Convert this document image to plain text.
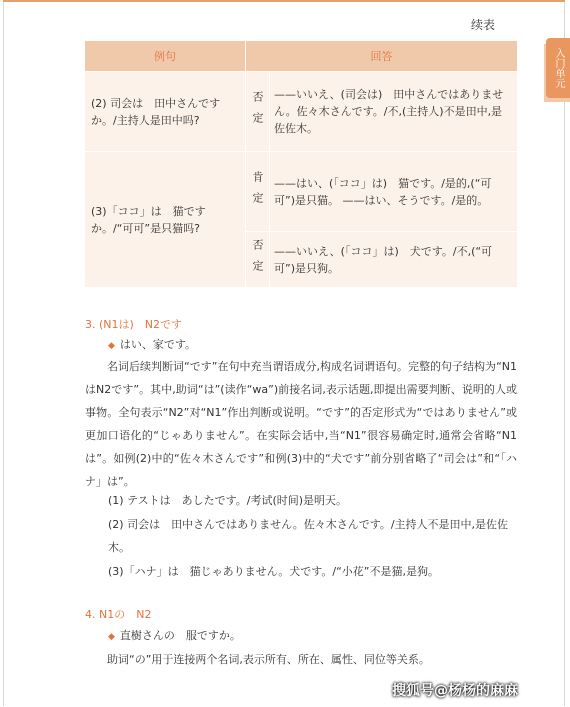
续表
入门单元
例句	回答	
(2) 司会は　田中さんですか。/主持人是田中吗?	否定	——いいえ、(司会は)　田中さんではありません。佐々木さんです。/不,(主持人)不是田中,是佐佐木。
(3)「ココ」は　猫ですか。/“可可”是只猫吗?	肯定	——はい、(「ココ」は)　猫です。/是的,(“可可”)是只猫。 ——はい、そうです。/是的。
	否定	——いいえ、(「ココ」は)　犬です。/不,(“可可”)是只狗。
3. (N1は)　N2です
◆ はい、家です。
名词后续判断词“です”在句中充当谓语成分,构成名词谓语句。完整的句子结构为“N1はN2です”。其中,助词“は”(读作“wa”)前接名词,表示话题,即提出需要判断、说明的人或事物。全句表示“N2”对“N1”作出判断或说明。“です”的否定形式为“ではありません”或更加口语化的“じゃありません”。在实际会话中,当“N1”很容易确定时,通常会省略“N1は”。如例(2)中的“佐々木さんです”和例(3)中的“犬です”前分别省略了“司会は”和“「ハナ」は”。
(1) テストは　あしたです。/考试(时间)是明天。
(2) 司会は　田中さんではありません。佐々木さんです。/主持人不是田中,是佐佐木。
(3)「ハナ」は　猫じゃありません。犬です。/“小花”不是猫,是狗。
4. N1の　N2
◆ 直樹さんの　服ですか。
助词“の”用于连接两个名词,表示所有、所在、属性、同位等关系。
搜狐号@杨杨的麻麻
